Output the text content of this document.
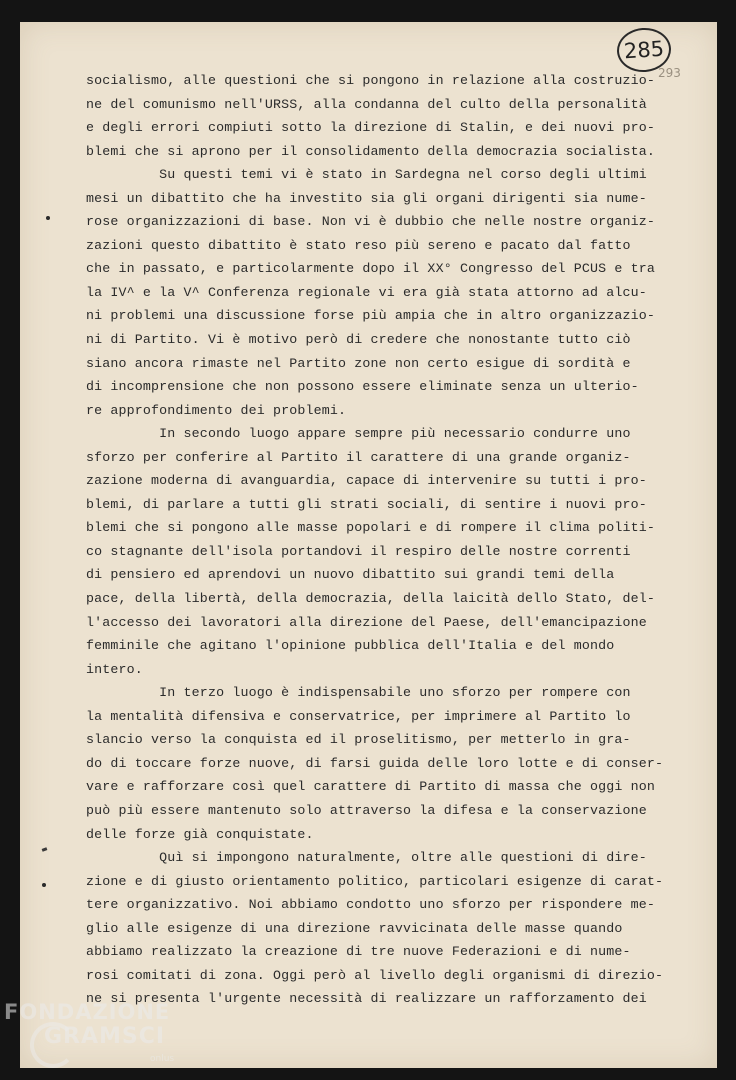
285
293
socialismo, alle questioni che si pongono in relazione alla costruzio-
ne del comunismo nell'URSS, alla condanna del culto della personalità
e degli errori compiuti sotto la direzione di Stalin, e dei nuovi pro-
blemi che si aprono per il consolidamento della democrazia socialista.
Su questi temi vi è stato in Sardegna nel corso degli ultimi
mesi un dibattito che ha investito sia gli organi dirigenti sia nume-
rose organizzazioni di base. Non vi è dubbio che nelle nostre organiz-
zazioni questo dibattito è stato reso più sereno e pacato dal fatto
che in passato, e particolarmente dopo il XX° Congresso del PCUS e tra
la IV^ e la V^ Conferenza regionale vi era già stata attorno ad alcu-
ni problemi una discussione forse più ampia che in altro organizzazio-
ni di Partito. Vi è motivo però di credere che nonostante tutto ciò
siano ancora rimaste nel Partito zone non certo esigue di sordità e
di incomprensione che non possono essere eliminate senza un ulterio-
re approfondimento dei problemi.
In secondo luogo appare sempre più necessario condurre uno
sforzo per conferire al Partito il carattere di una grande organiz-
zazione moderna di avanguardia, capace di intervenire su tutti i pro-
blemi, di parlare a tutti gli strati sociali, di sentire i nuovi pro-
blemi che si pongono alle masse popolari e di rompere il clima politi-
co stagnante dell'isola portandovi il respiro delle nostre correnti
di pensiero ed aprendovi un nuovo dibattito sui grandi temi della
pace, della libertà, della democrazia, della laicità dello Stato, del-
l'accesso dei lavoratori alla direzione del Paese, dell'emancipazione
femminile che agitano l'opinione pubblica dell'Italia e del mondo
intero.
In terzo luogo è indispensabile uno sforzo per rompere con
la mentalità difensiva e conservatrice, per imprimere al Partito lo
slancio verso la conquista ed il proselitismo, per metterlo in gra-
do di toccare forze nuove, di farsi guida delle loro lotte e di conser-
vare e rafforzare così quel carattere di Partito di massa che oggi non
può più essere mantenuto solo attraverso la difesa e la conservazione
delle forze già conquistate.
Quì si impongono naturalmente, oltre alle questioni di dire-
zione e di giusto orientamento politico, particolari esigenze di carat-
tere organizzativo. Noi abbiamo condotto uno sforzo per rispondere me-
glio alle esigenze di una direzione ravvicinata delle masse quando
abbiamo realizzato la creazione di tre nuove Federazioni e di nume-
rosi comitati di zona. Oggi però al livello degli organismi di direzio-
ne si presenta l'urgente necessità di realizzare un rafforzamento dei
FONDAZIONE
GRAMSCI
onlus
